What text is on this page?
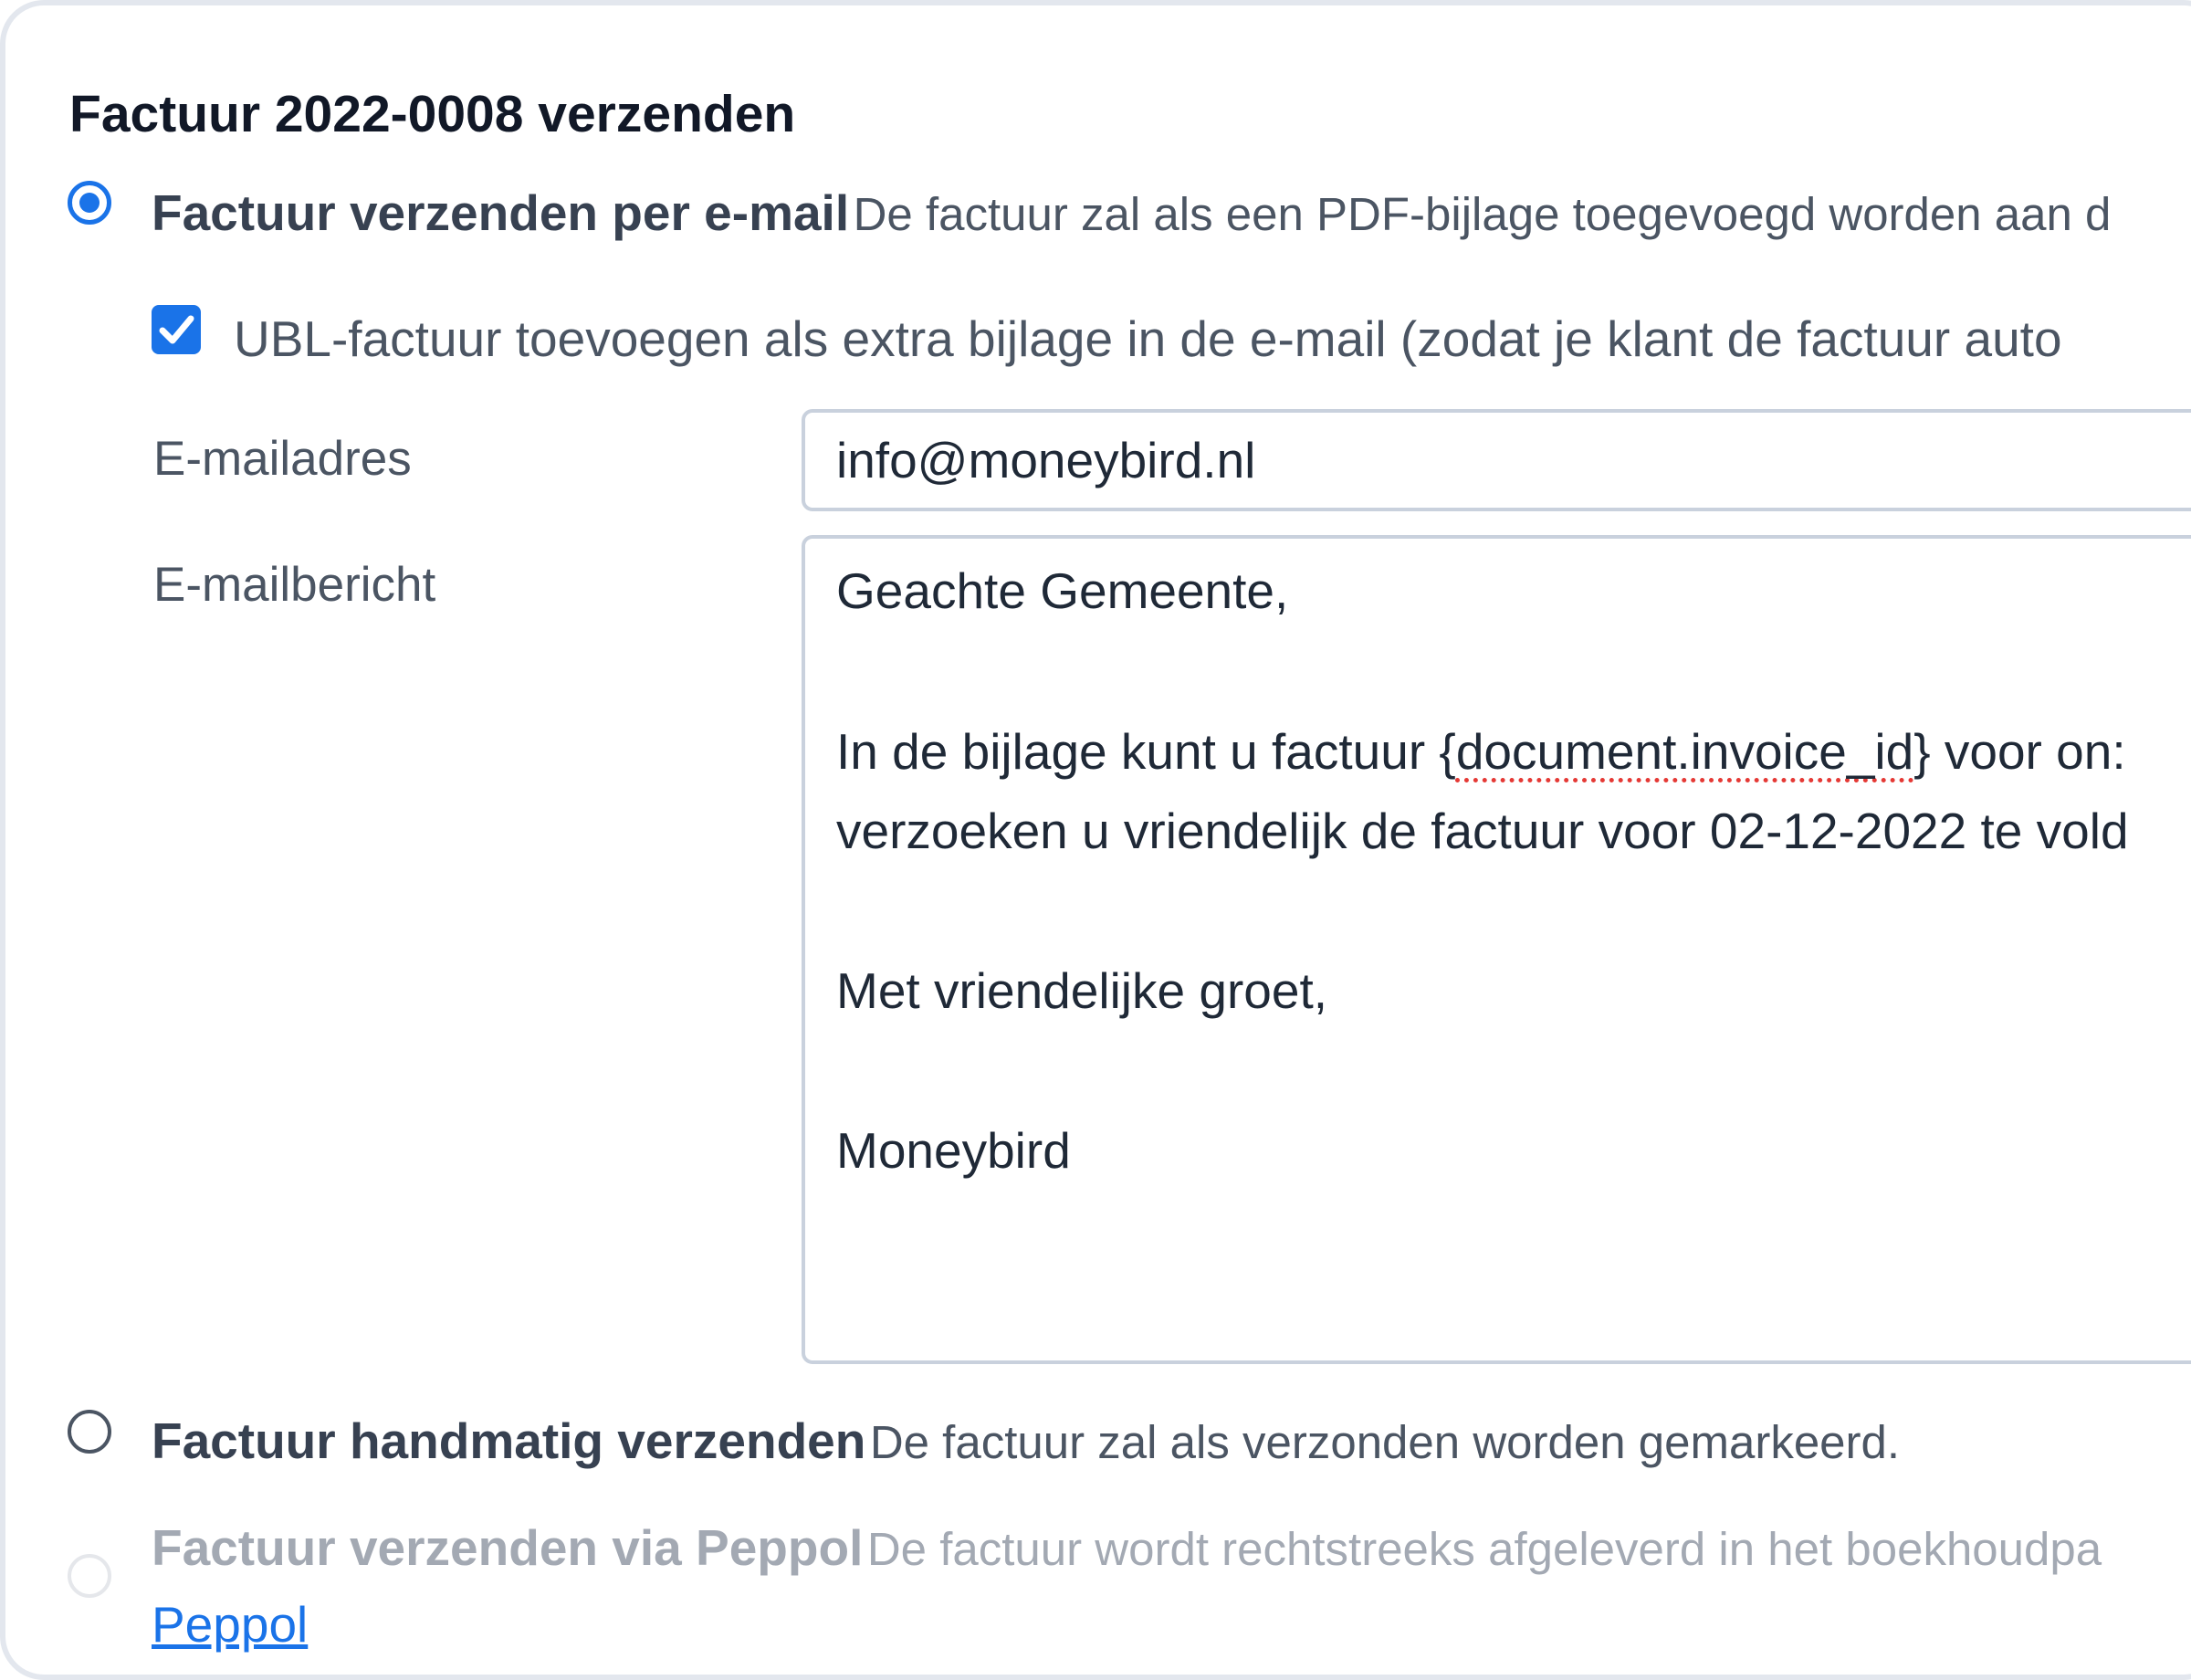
Factuur 2022-0008 verzenden
Factuur verzenden per e-mail De factuur zal als een PDF-bijlage toegevoegd worden aan d
UBL-factuur toevoegen als extra bijlage in de e-mail (zodat je klant de factuur auto
E-mailadres	info@moneybird.nl
E-mailbericht	Geachte Gemeente,
In de bijlage kunt u factuur {document.invoice_id} voor on:
verzoeken u vriendelijk de factuur voor 02-12-2022 te vold
Met vriendelijke groet,
Moneybird
Factuur handmatig verzenden De factuur zal als verzonden worden gemarkeerd.
Factuur verzenden via Peppol De factuur wordt rechtstreeks afgeleverd in het boekhoudpa
Peppol
